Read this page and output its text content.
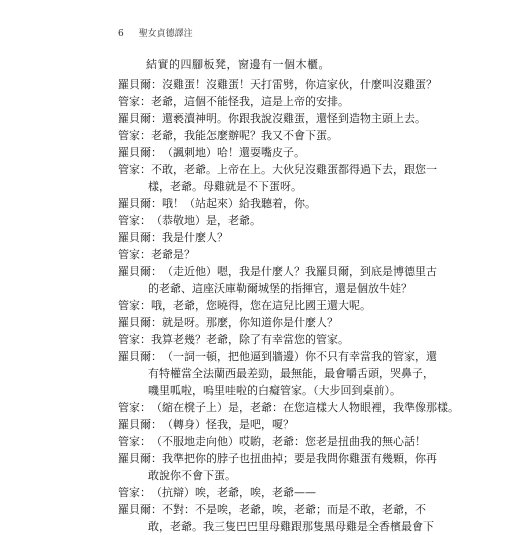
6 聖女貞德譯注
結實的四腳板凳，窗邊有一個木櫃。
羅貝爾： 沒雞蛋！沒雞蛋！天打雷劈，你這家伙，什麼叫沒雞蛋？
管家： 老爺，這個不能怪我，這是上帝的安排。
羅貝爾： 還褻瀆神明。你跟我說沒雞蛋，還怪到造物主頭上去。
管家： 老爺，我能怎麼辦呢？我又不會下蛋。
羅貝爾： （諷刺地）哈！還耍嘴皮子。
管家： 不敢，老爺。上帝在上。大伙兒沒雞蛋都得過下去，跟您一
樣，老爺。母雞就是不下蛋呀。
羅貝爾： 哦！（站起來）給我聽着，你。
管家： （恭敬地）是，老爺。
羅貝爾： 我是什麼人？
管家： 老爺是？
羅貝爾： （走近他）嗯，我是什麼人？我羅貝爾，到底是博德里古
的老爺、這座沃庫勒爾城堡的指揮官，還是個放牛娃？
管家： 哦，老爺，您曉得，您在這兒比國王還大呢。
羅貝爾： 就是呀。那麼，你知道你是什麼人？
管家： 我算老幾？老爺，除了有幸當您的管家。
羅貝爾： （一詞一頓，把他逼到牆邊）你不只有幸當我的管家，還
有特權當全法蘭西最差勁，最無能，最會嚼舌頭，哭鼻子，
嘰里呱啦，嗚里哇啦的白癡管家。（大步回到桌前）。
管家： （縮在櫈子上）是，老爺：在您這樣大人物眼裡，我準像那樣。
羅貝爾： （轉身）怪我，是吧，嗄？
管家： （不服地走向他）哎喲，老爺：您老是扭曲我的無心話！
羅貝爾： 我準把你的脖子也扭曲掉；要是我問你雞蛋有幾顆，你再
敢說你不會下蛋。
管家： （抗辯）唉，老爺，唉，老爺——
羅貝爾： 不對：不是唉，老爺，唉，老爺；而是不敢，老爺，不
敢，老爺。我三隻巴巴里母雞跟那隻黑母雞是全香檳最會下
